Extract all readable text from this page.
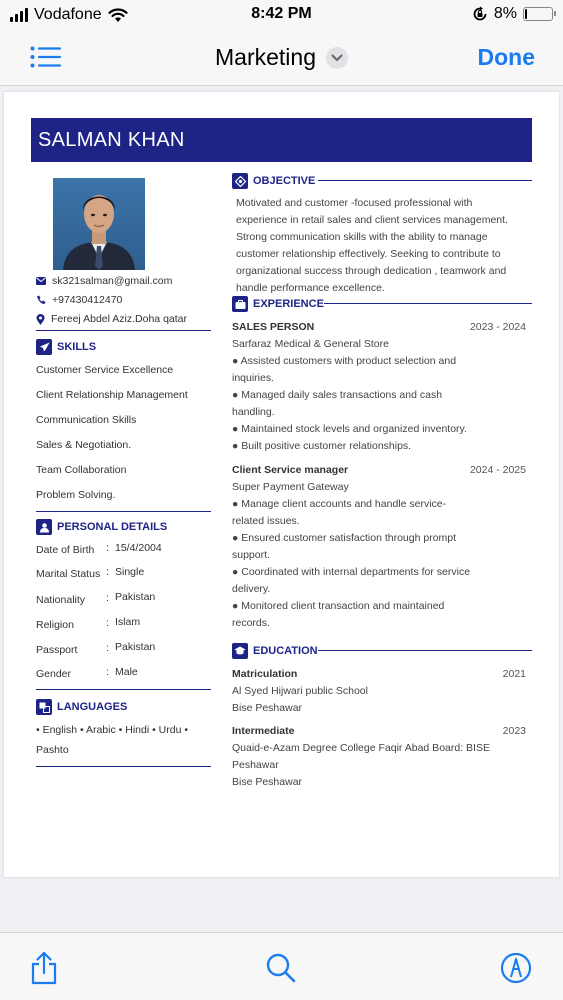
Vodafone	8:42 PM	8%
Marketing	Done
SALMAN KHAN
sk321salman@gmail.com
+97430412470
Fereej Abdel Aziz.Doha qatar
SKILLS
Customer Service Excellence
Client Relationship Management
Communication Skills
Sales & Negotiation.
Team Collaboration
Problem Solving.
PERSONAL DETAILS
Date of Birth : 15/4/2004
Marital Status : Single
Nationality : Pakistan
Religion	: Islam
Passport	: Pakistan
Gender	: Male
LANGUAGES
• English • Arabic • Hindi • Urdu •
Pashto
OBJECTIVE
Motivated and customer -focused professional with
experience in retail sales and client services management.
Strong communication skills with the ability to manage
customer relationship effectively. Seeking to contribute to
organizational success through dedication , teamwork and
handle performance excellence.
EXPERIENCE
SALES PERSON	2023 - 2024
Sarfaraz Medical & General Store
● Assisted customers with product selection and
inquiries.
● Managed daily sales transactions and cash
handling.
● Maintained stock levels and organized inventory.
● Built positive customer relationships.
Client Service manager	2024 - 2025
Super Payment Gateway
● Manage client accounts and handle service-
related issues.
● Ensured customer satisfaction through prompt
support.
● Coordinated with internal departments for service
delivery.
● Monitored client transaction and maintained
records.
EDUCATION
Matriculation	2021
Al Syed Hijwari public School
Bise Peshawar
Intermediate	2023
Quaid-e-Azam Degree College Faqir Abad Board: BISE
Peshawar
Bise Peshawar
